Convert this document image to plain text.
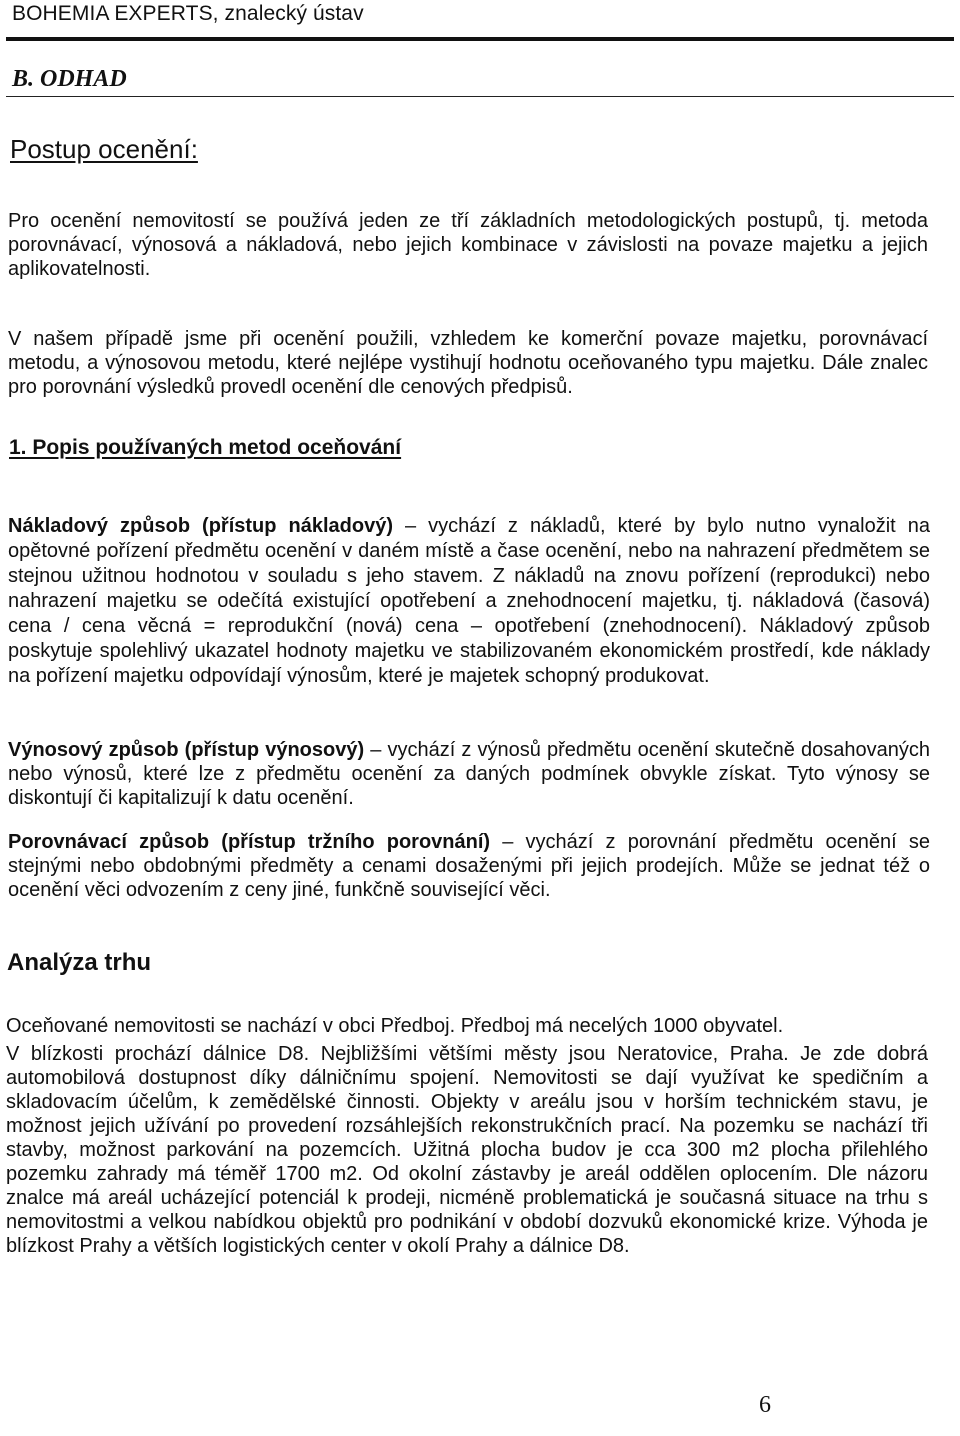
BOHEMIA EXPERTS, znalecký ústav
B. ODHAD
Postup ocenění:

Pro ocenění nemovitostí se používá jeden ze tří základních metodologických postupů, tj. metoda porovnávací, výnosová a nákladová, nebo jejich kombinace v závislosti na povaze majetku a jejich aplikovatelnosti.

V našem případě jsme při ocenění použili, vzhledem ke komerční povaze majetku, porovnávací metodu, a výnosovou metodu, které nejlépe vystihují hodnotu oceňovaného typu majetku. Dále znalec pro porovnání výsledků provedl ocenění dle cenových předpisů.

1. Popis používaných metod oceňování

Nákladový způsob (přístup nákladový) – vychází z nákladů, které by bylo nutno vynaložit na opětovné pořízení předmětu ocenění v daném místě a čase ocenění, nebo na nahrazení předmětem se stejnou užitnou hodnotou v souladu s jeho stavem. Z nákladů na znovu pořízení (reprodukci) nebo nahrazení majetku se odečítá existující opotřebení a znehodnocení majetku, tj. nákladová (časová) cena / cena věcná = reprodukční (nová) cena – opotřebení (znehodnocení). Nákladový způsob poskytuje spolehlivý ukazatel hodnoty majetku ve stabilizovaném ekonomickém prostředí, kde náklady na pořízení majetku odpovídají výnosům, které je majetek schopný produkovat.

Výnosový způsob (přístup výnosový) – vychází z výnosů předmětu ocenění skutečně dosahovaných nebo výnosů, které lze z předmětu ocenění za daných podmínek obvykle získat. Tyto výnosy se diskontují či kapitalizují k datu ocenění.

Porovnávací způsob (přístup tržního porovnání) – vychází z porovnání předmětu ocenění se stejnými nebo obdobnými předměty a cenami dosaženými při jejich prodejích. Může se jednat též o ocenění věci odvozením z ceny jiné, funkčně související věci.

Analýza trhu

Oceňované nemovitosti se nachází v obci Předboj. Předboj má necelých 1000 obyvatel.

V blízkosti prochází dálnice D8. Nejbližšími většími městy jsou Neratovice, Praha. Je zde dobrá automobilová dostupnost díky dálničnímu spojení. Nemovitosti se dají využívat ke spedičním a skladovacím účelům, k zemědělské činnosti. Objekty v areálu jsou v horším technickém stavu, je možnost jejich užívání po provedení rozsáhlejších rekonstrukčních prací. Na pozemku se nachází tři stavby, možnost parkování na pozemcích. Užitná plocha budov je cca 300 m2 plocha přilehlého pozemku zahrady má téměř 1700 m2. Od okolní zástavby je areál oddělen oplocením. Dle názoru znalce má areál ucházející potenciál k prodeji, nicméně problematická je současná situace na trhu s nemovitostmi a velkou nabídkou objektů pro podnikání v období dozvuků ekonomické krize. Výhoda je blízkost Prahy a větších logistických center v okolí Prahy a dálnice D8.

6
